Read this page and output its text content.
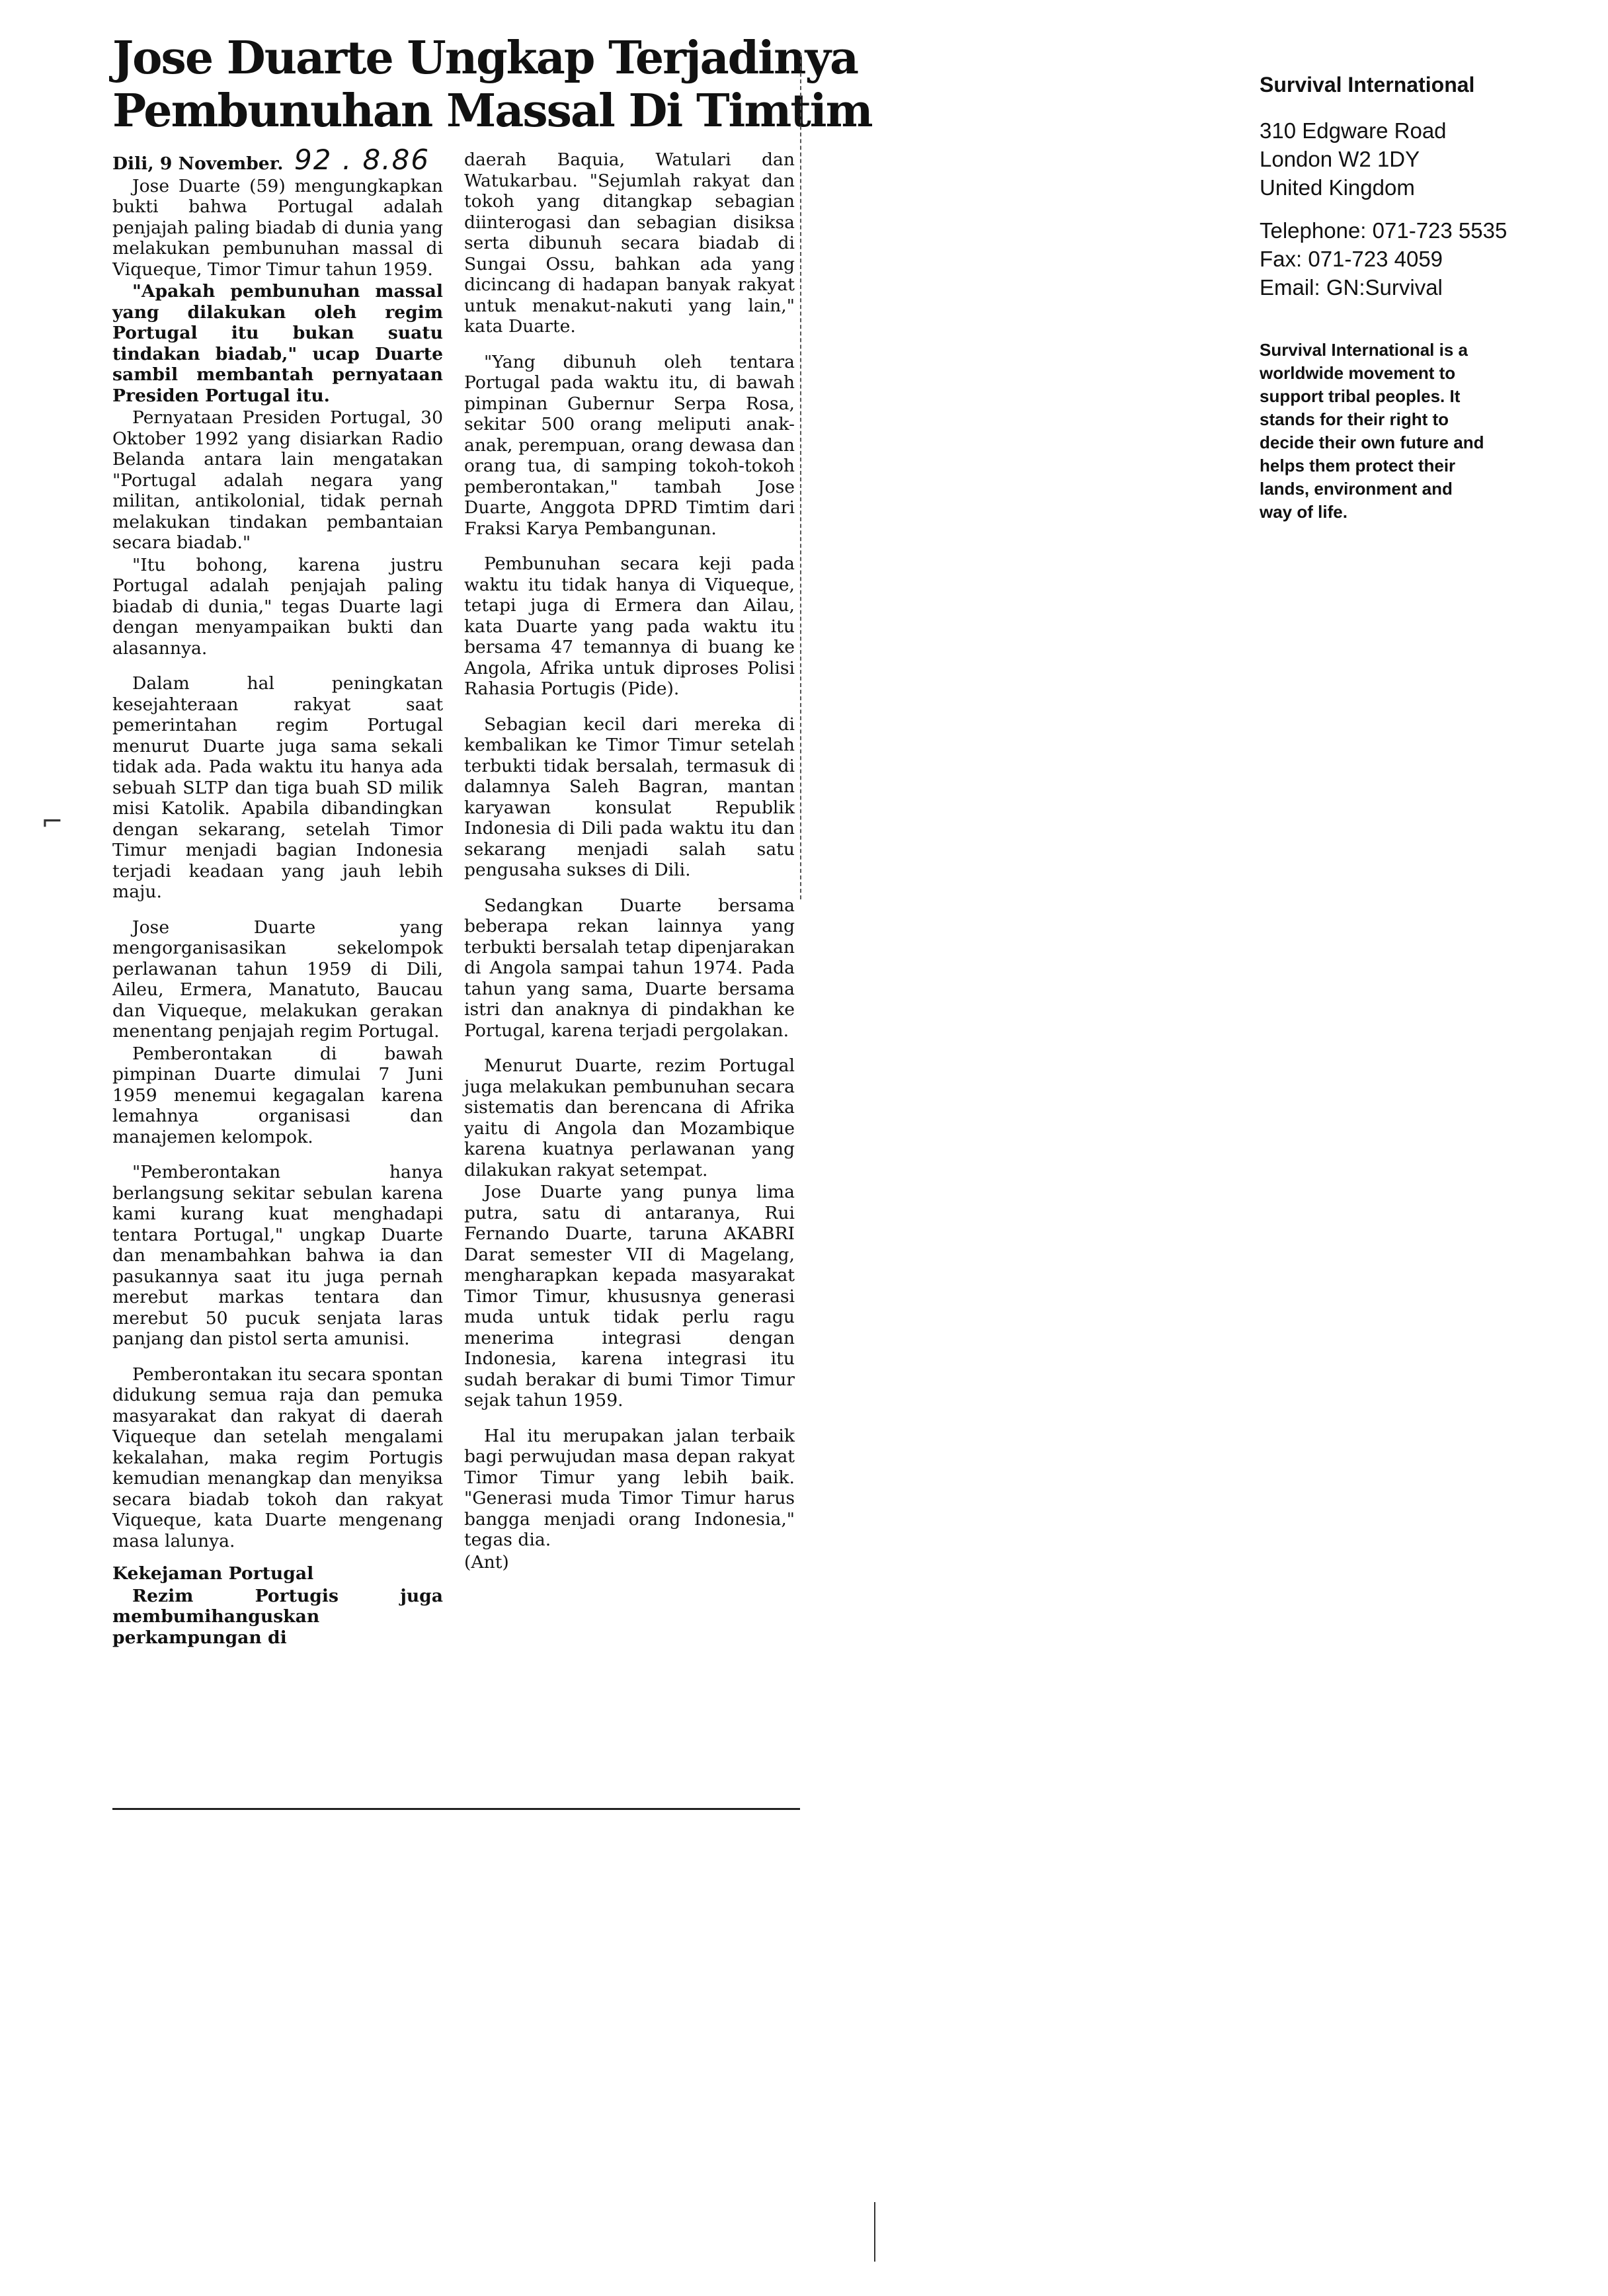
Jose Duarte Ungkap Terjadinya
Pembunuhan Massal Di Timtim

Dili, 9 November. 92 . 8.86

Jose Duarte (59) mengungkapkan bukti bahwa Portugal adalah penjajah paling biadab di dunia yang melakukan pembunuhan massal di Viqueque, Timor Timur tahun 1959.

"Apakah pembunuhan massal yang dilakukan oleh regim Portugal itu bukan suatu tindakan biadab," ucap Duarte sambil membantah pernyataan Presiden Portugal itu.

Pernyataan Presiden Portugal, 30 Oktober 1992 yang disiarkan Radio Belanda antara lain mengatakan "Portugal adalah negara yang militan, antikolonial, tidak pernah melakukan tindakan pembantaian secara biadab."

"Itu bohong, karena justru Portugal adalah penjajah paling biadab di dunia," tegas Duarte lagi dengan menyampaikan bukti dan alasannya.

Dalam hal peningkatan kesejahteraan rakyat saat pemerintahan regim Portugal menurut Duarte juga sama sekali tidak ada. Pada waktu itu hanya ada sebuah SLTP dan tiga buah SD milik misi Katolik. Apabila dibandingkan dengan sekarang, setelah Timor Timur menjadi bagian Indonesia terjadi keadaan yang jauh lebih maju.

Jose Duarte yang mengorganisasikan sekelompok perlawanan tahun 1959 di Dili, Aileu, Ermera, Manatuto, Baucau dan Viqueque, melakukan gerakan menentang penjajah regim Portugal.

Pemberontakan di bawah pimpinan Duarte dimulai 7 Juni 1959 menemui kegagalan karena lemahnya organisasi dan manajemen kelompok.

"Pemberontakan hanya berlangsung sekitar sebulan karena kami kurang kuat menghadapi tentara Portugal," ungkap Duarte dan menambahkan bahwa ia dan pasukannya saat itu juga pernah merebut markas tentara dan merebut 50 pucuk senjata laras panjang dan pistol serta amunisi.

Pemberontakan itu secara spontan didukung semua raja dan pemuka masyarakat dan rakyat di daerah Viqueque dan setelah mengalami kekalahan, maka regim Portugis kemudian menangkap dan menyiksa secara biadab tokoh dan rakyat Viqueque, kata Duarte mengenang masa lalunya.

Kekejaman Portugal

Rezim Portugis juga membumihanguskan perkampungan di

daerah Baquia, Watulari dan Watukarbau. "Sejumlah rakyat dan tokoh yang ditangkap sebagian diinterogasi dan sebagian disiksa serta dibunuh secara biadab di Sungai Ossu, bahkan ada yang dicincang di hadapan banyak rakyat untuk menakut-nakuti yang lain," kata Duarte.

"Yang dibunuh oleh tentara Portugal pada waktu itu, di bawah pimpinan Gubernur Serpa Rosa, sekitar 500 orang meliputi anak-anak, perempuan, orang dewasa dan orang tua, di samping tokoh-tokoh pemberontakan," tambah Jose Duarte, Anggota DPRD Timtim dari Fraksi Karya Pembangunan.

Pembunuhan secara keji pada waktu itu tidak hanya di Viqueque, tetapi juga di Ermera dan Ailau, kata Duarte yang pada waktu itu bersama 47 temannya di buang ke Angola, Afrika untuk diproses Polisi Rahasia Portugis (Pide).

Sebagian kecil dari mereka di kembalikan ke Timor Timur setelah terbukti tidak bersalah, termasuk di dalamnya Saleh Bagran, mantan karyawan konsulat Republik Indonesia di Dili pada waktu itu dan sekarang menjadi salah satu pengusaha sukses di Dili.

Sedangkan Duarte bersama beberapa rekan lainnya yang terbukti bersalah tetap dipenjarakan di Angola sampai tahun 1974. Pada tahun yang sama, Duarte bersama istri dan anaknya di pindakhan ke Portugal, karena terjadi pergolakan.

Menurut Duarte, rezim Portugal juga melakukan pembunuhan secara sistematis dan berencana di Afrika yaitu di Angola dan Mozambique karena kuatnya perlawanan yang dilakukan rakyat setempat.

Jose Duarte yang punya lima putra, satu di antaranya, Rui Fernando Duarte, taruna AKABRI Darat semester VII di Magelang, mengharapkan kepada masyarakat Timor Timur, khususnya generasi muda untuk tidak perlu ragu menerima integrasi dengan Indonesia, karena integrasi itu sudah berakar di bumi Timor Timur sejak tahun 1959.

Hal itu merupakan jalan terbaik bagi perwujudan masa depan rakyat Timor Timur yang lebih baik. "Generasi muda Timor Timur harus bangga menjadi orang Indonesia," tegas dia.

(Ant)

⌐
Survival International
310 Edgware Road
London W2 1DY
United Kingdom
Telephone: 071-723 5535
Fax: 071-723 4059
Email: GN:Survival
Survival International is a
worldwide movement to
support tribal peoples. It
stands for their right to
decide their own future and
helps them protect their
lands, environment and
way of life.
